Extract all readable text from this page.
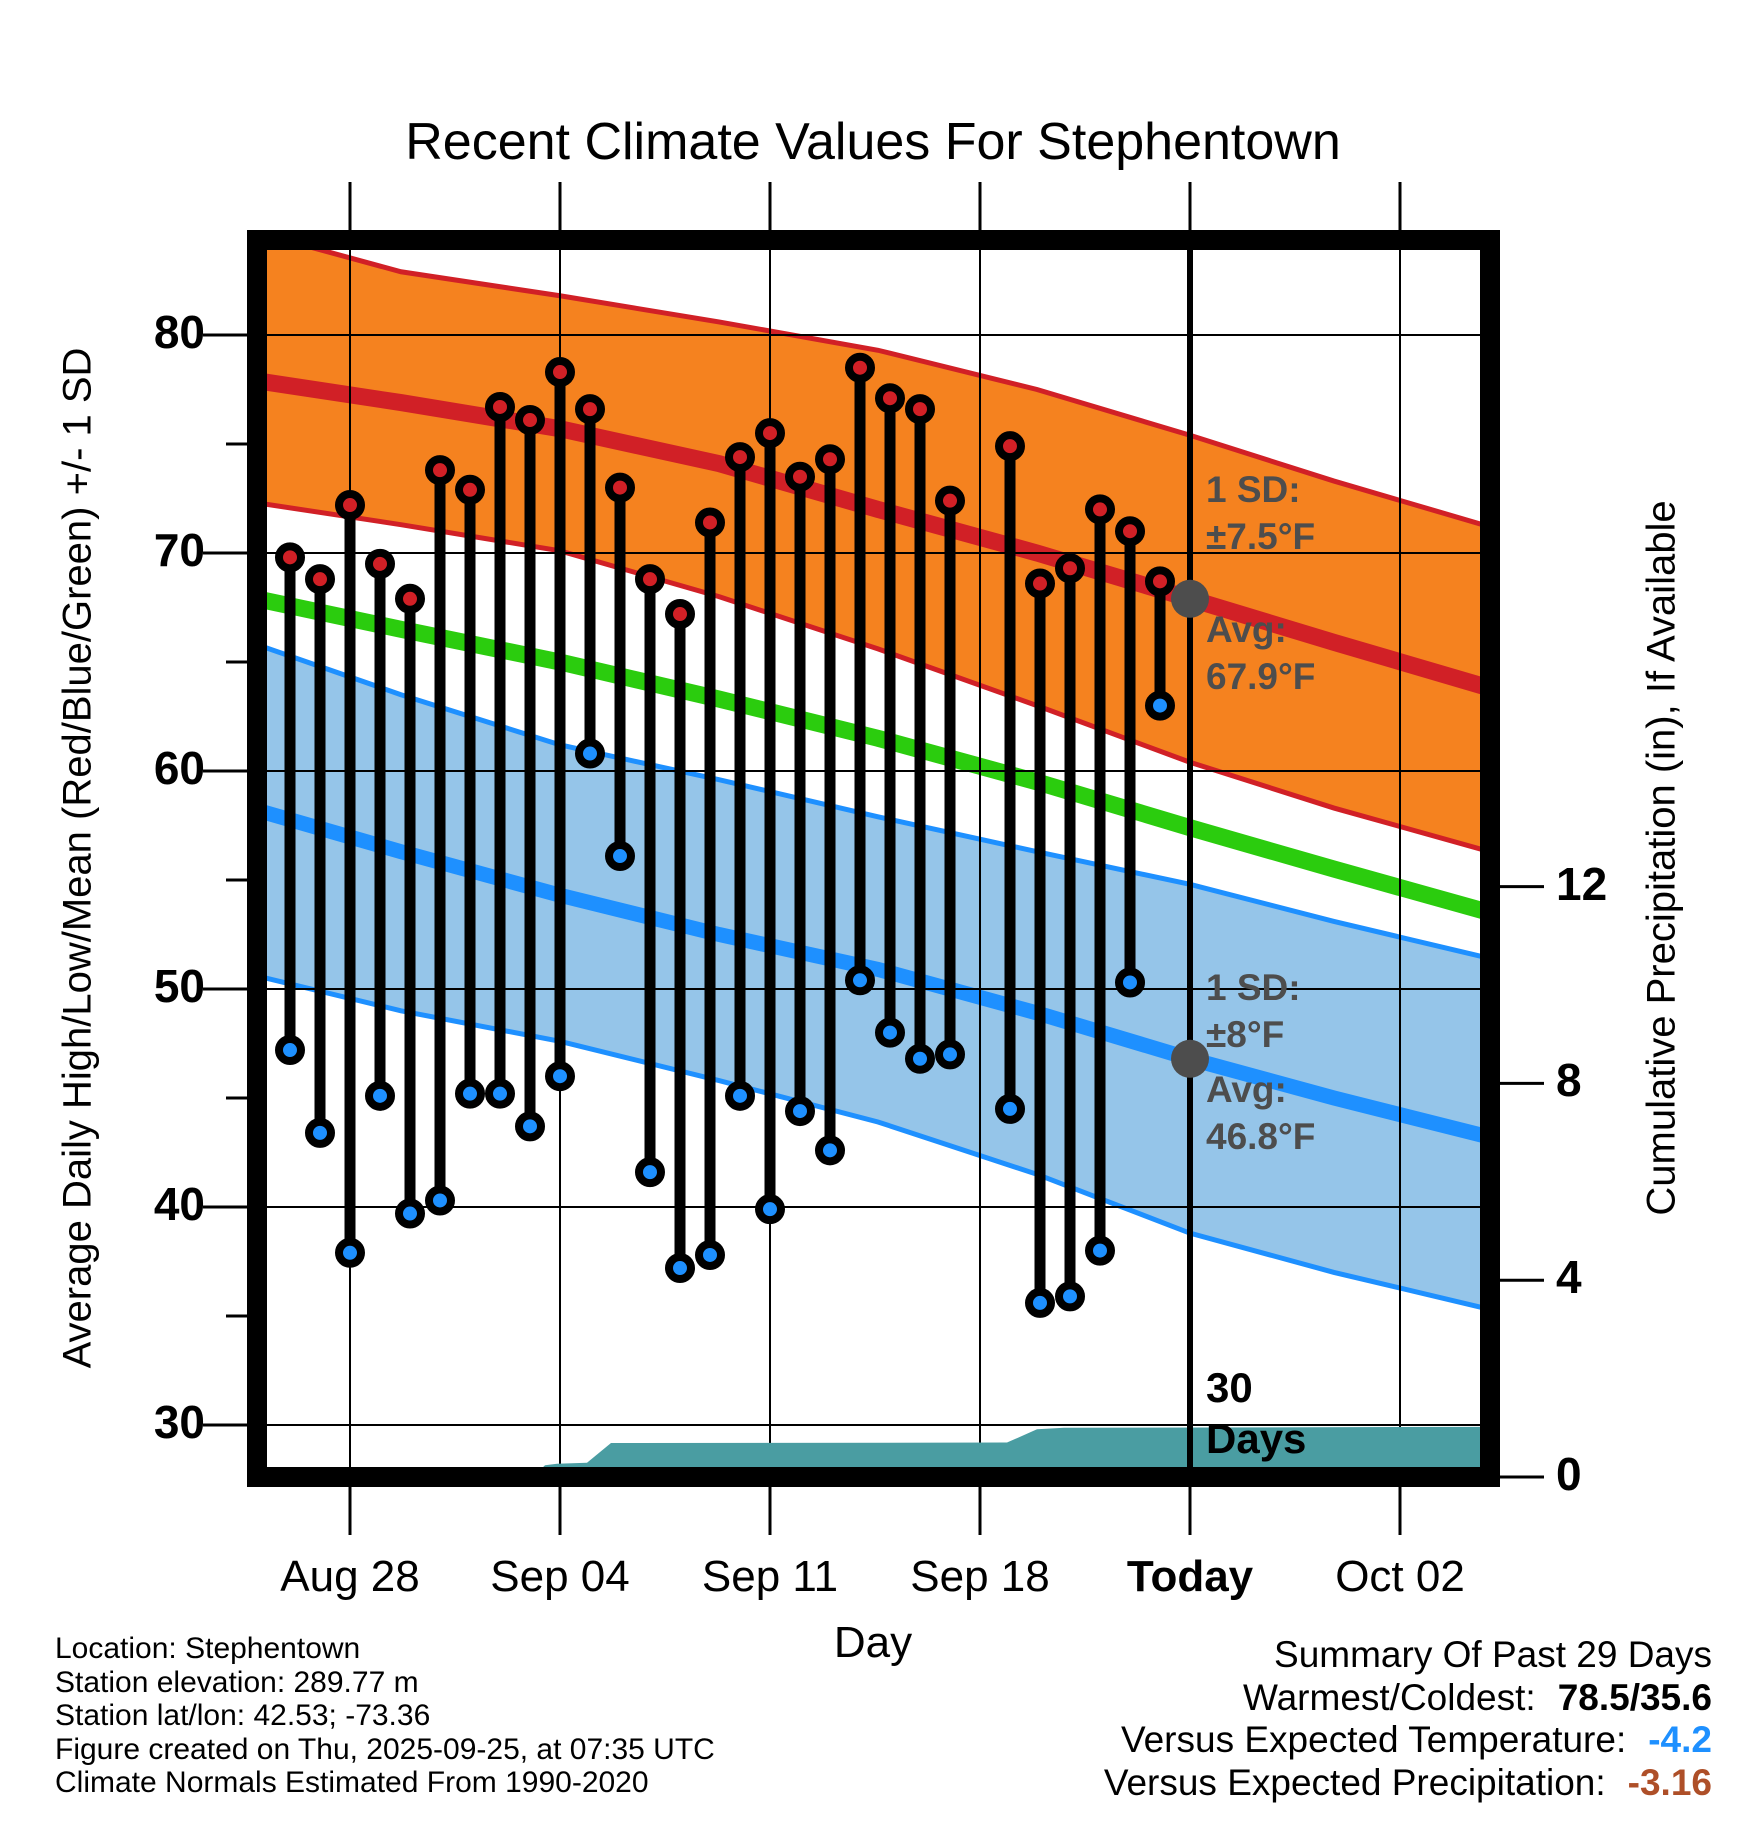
Recent Climate Values For Stephentown
Average Daily High/Low/Mean (Red/Blue/Green) +/- 1 SD	Cumulative Precipitation (in), If Available
Day
1 SD:
±7.5°F
Avg:
67.9°F
1 SD:
±8°F
Avg:
46.8°F
30
Days
Location: Stephentown
Station elevation: 289.77 m
Station lat/lon: 42.53; -73.36
Figure created on Thu, 2025-09-25, at 07:35 UTC
Climate Normals Estimated From 1990-2020
Summary Of Past 29 Days
Warmest/Coldest: 78.5/35.6
Versus Expected Temperature: -4.2
Versus Expected Precipitation: -3.16
30
40
50
60
70
80
0
4
8
12
Aug 28 Sep 04 Sep 11 Sep 18 Today Oct 02
